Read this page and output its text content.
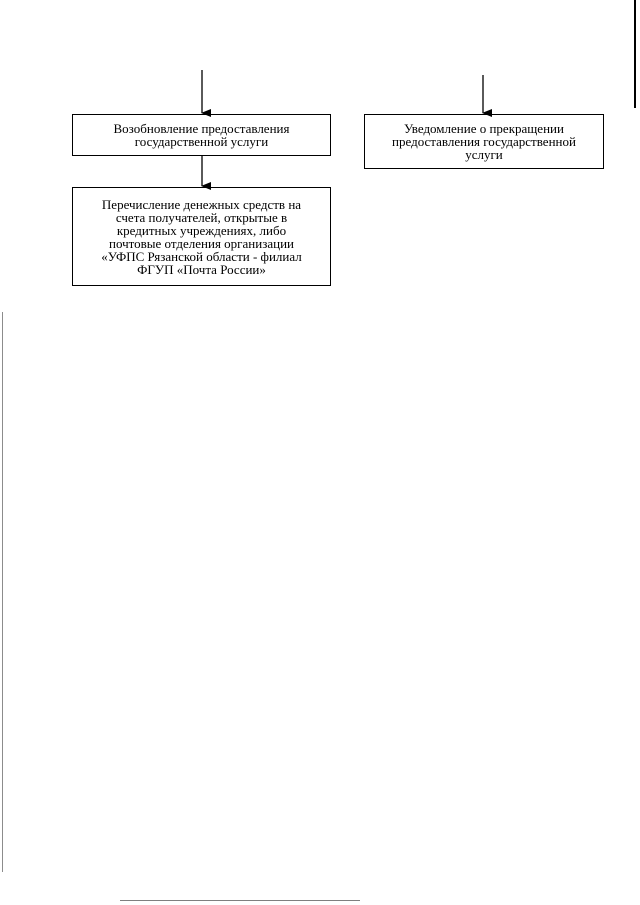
Возобновление предоставления
государственной услуги
Уведомление о прекращении
предоставления государственной
услуги
Перечисление денежных средств на
счета получателей, открытые в
кредитных учреждениях, либо
почтовые отделения организации
«УФПС Рязанской области - филиал
ФГУП «Почта России»
